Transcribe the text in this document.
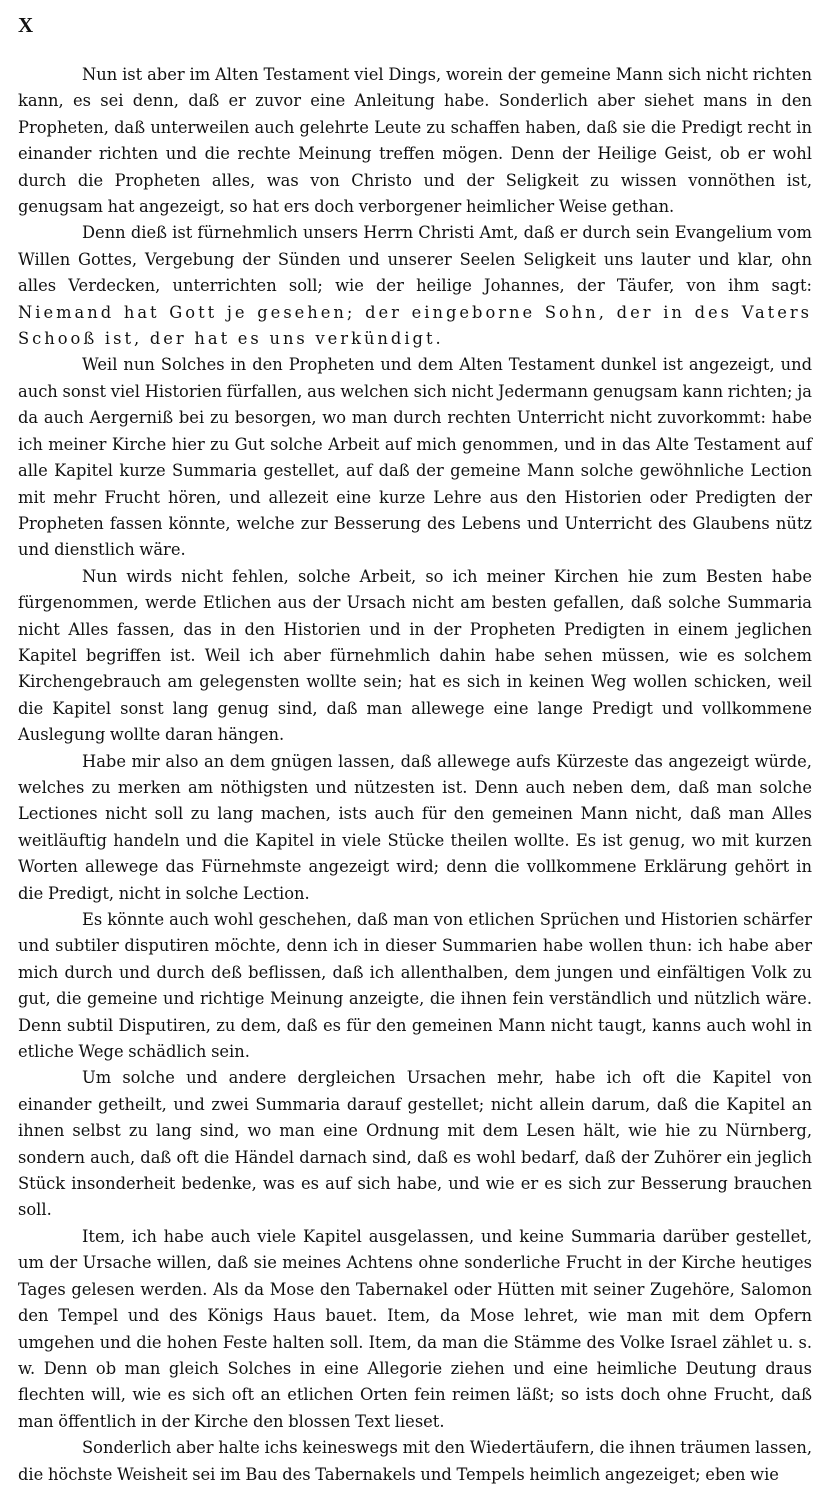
X

Nun ist aber im Alten Testament viel Dings, worein der gemeine Mann sich nicht richten kann, es sei denn, daß er zuvor eine Anleitung habe. Sonderlich aber siehet mans in den Propheten, daß unterweilen auch gelehrte Leute zu schaffen haben, daß sie die Predigt recht in einander richten und die rechte Meinung treffen mögen. Denn der Heilige Geist, ob er wohl durch die Propheten alles, was von Christo und der Seligkeit zu wissen vonnöthen ist, genugsam hat angezeigt, so hat ers doch verborgener heimlicher Weise gethan.

Denn dieß ist fürnehmlich unsers Herrn Christi Amt, daß er durch sein Evangelium vom Willen Gottes, Vergebung der Sünden und unserer Seelen Seligkeit uns lauter und klar, ohn alles Verdecken, unterrichten soll; wie der heilige Johannes, der Täufer, von ihm sagt: Niemand hat Gott je gesehen; der eingeborne Sohn, der in des Vaters Schooß ist, der hat es uns verkündigt.

Weil nun Solches in den Propheten und dem Alten Testament dunkel ist angezeigt, und auch sonst viel Historien fürfallen, aus welchen sich nicht Jedermann genugsam kann richten; ja da auch Aergerniß bei zu besorgen, wo man durch rechten Unterricht nicht zuvorkommt: habe ich meiner Kirche hier zu Gut solche Arbeit auf mich genommen, und in das Alte Testament auf alle Kapitel kurze Summaria gestellet, auf daß der gemeine Mann solche gewöhnliche Lection mit mehr Frucht hören, und allezeit eine kurze Lehre aus den Historien oder Predigten der Propheten fassen könnte, welche zur Besserung des Lebens und Unterricht des Glaubens nütz und dienstlich wäre.

Nun wirds nicht fehlen, solche Arbeit, so ich meiner Kirchen hie zum Besten habe fürgenommen, werde Etlichen aus der Ursach nicht am besten gefallen, daß solche Summaria nicht Alles fassen, das in den Historien und in der Propheten Predigten in einem jeglichen Kapitel begriffen ist. Weil ich aber fürnehmlich dahin habe sehen müssen, wie es solchem Kirchengebrauch am gelegensten wollte sein; hat es sich in keinen Weg wollen schicken, weil die Kapitel sonst lang genug sind, daß man allewege eine lange Predigt und vollkommene Auslegung wollte daran hängen.

Habe mir also an dem gnügen lassen, daß allewege aufs Kürzeste das angezeigt würde, welches zu merken am nöthigsten und nützesten ist. Denn auch neben dem, daß man solche Lectiones nicht soll zu lang machen, ists auch für den gemeinen Mann nicht, daß man Alles weitläuftig handeln und die Kapitel in viele Stücke theilen wollte. Es ist genug, wo mit kurzen Worten allewege das Fürnehmste angezeigt wird; denn die vollkommene Erklärung gehört in die Predigt, nicht in solche Lection.

Es könnte auch wohl geschehen, daß man von etlichen Sprüchen und Historien schärfer und subtiler disputiren möchte, denn ich in dieser Summarien habe wollen thun: ich habe aber mich durch und durch deß beflissen, daß ich allenthalben, dem jungen und einfältigen Volk zu gut, die gemeine und richtige Meinung anzeigte, die ihnen fein verständlich und nützlich wäre. Denn subtil Disputiren, zu dem, daß es für den gemeinen Mann nicht taugt, kanns auch wohl in etliche Wege schädlich sein.

Um solche und andere dergleichen Ursachen mehr, habe ich oft die Kapitel von einander getheilt, und zwei Summaria darauf gestellet; nicht allein darum, daß die Kapitel an ihnen selbst zu lang sind, wo man eine Ordnung mit dem Lesen hält, wie hie zu Nürnberg, sondern auch, daß oft die Händel darnach sind, daß es wohl bedarf, daß der Zuhörer ein jeglich Stück insonderheit bedenke, was es auf sich habe, und wie er es sich zur Besserung brauchen soll.

Item, ich habe auch viele Kapitel ausgelassen, und keine Summaria darüber gestellet, um der Ursache willen, daß sie meines Achtens ohne sonderliche Frucht in der Kirche heutiges Tages gelesen werden. Als da Mose den Tabernakel oder Hütten mit seiner Zugehöre, Salomon den Tempel und des Königs Haus bauet. Item, da Mose lehret, wie man mit dem Opfern umgehen und die hohen Feste halten soll. Item, da man die Stämme des Volke Israel zählet u. s. w. Denn ob man gleich Solches in eine Allegorie ziehen und eine heimliche Deutung draus flechten will, wie es sich oft an etlichen Orten fein reimen läßt; so ists doch ohne Frucht, daß man öffentlich in der Kirche den blossen Text lieset.

Sonderlich aber halte ichs keineswegs mit den Wiedertäufern, die ihnen träumen lassen, die höchste Weisheit sei im Bau des Tabernakels und Tempels heimlich angezeiget; eben wie
